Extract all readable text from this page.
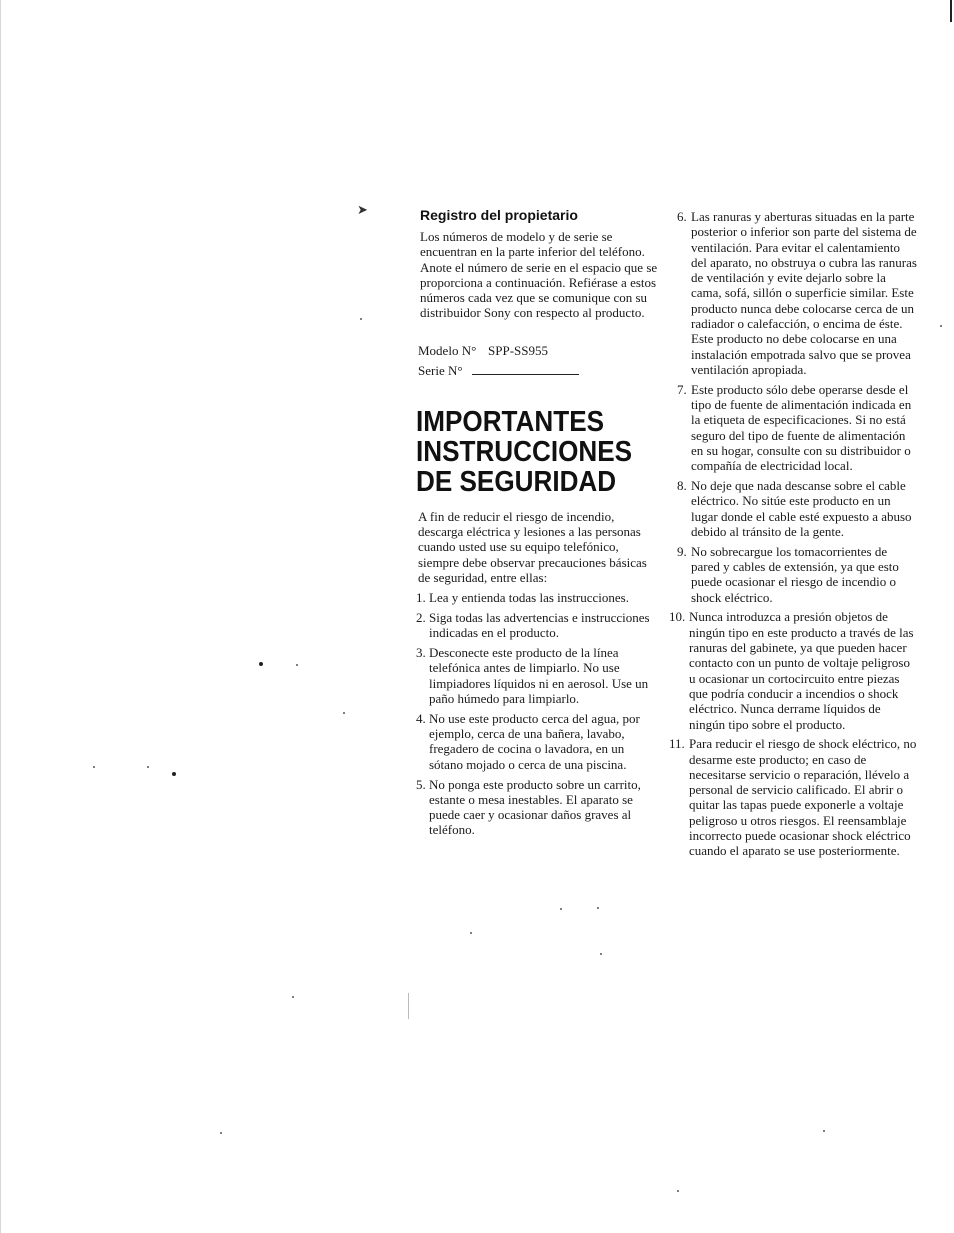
➤	Registro del propietario

Los números de modelo y de serie se encuentran en la parte inferior del teléfono. Anote el número de serie en el espacio que se proporciona a continuación. Refiérase a estos números cada vez que se comunique con su distribuidor Sony con respecto al producto.

Modelo N° SPP-SS955
Serie N°
IMPORTANTES
INSTRUCCIONES
DE SEGURIDAD

A fin de reducir el riesgo de incendio, descarga eléctrica y lesiones a las personas cuando usted use su equipo telefónico, siempre debe observar precauciones básicas de seguridad, entre ellas:

1. Lea y entienda todas las instrucciones.
2. Siga todas las advertencias e instrucciones indicadas en el producto.
3. Desconecte este producto de la línea telefónica antes de limpiarlo. No use limpiadores líquidos ni en aerosol. Use un paño húmedo para limpiarlo.
4. No use este producto cerca del agua, por ejemplo, cerca de una bañera, lavabo, fregadero de cocina o lavadora, en un sótano mojado o cerca de una piscina.
5. No ponga este producto sobre un carrito, estante o mesa inestables. El aparato se puede caer y ocasionar daños graves al teléfono.
6. Las ranuras y aberturas situadas en la parte posterior o inferior son parte del sistema de ventilación. Para evitar el calentamiento del aparato, no obstruya o cubra las ranuras de ventilación y evite dejarlo sobre la cama, sofá, sillón o superficie similar. Este producto nunca debe colocarse cerca de un radiador o calefacción, o encima de éste. Este producto no debe colocarse en una instalación empotrada salvo que se provea ventilación apropiada.
7. Este producto sólo debe operarse desde el tipo de fuente de alimentación indicada en la etiqueta de especificaciones. Si no está seguro del tipo de fuente de alimentación en su hogar, consulte con su distribuidor o compañía de electricidad local.
8. No deje que nada descanse sobre el cable eléctrico. No sitúe este producto en un lugar donde el cable esté expuesto a abuso debido al tránsito de la gente.
9. No sobrecargue los tomacorrientes de pared y cables de extensión, ya que esto puede ocasionar el riesgo de incendio o shock eléctrico.
10. Nunca introduzca a presión objetos de ningún tipo en este producto a través de las ranuras del gabinete, ya que pueden hacer contacto con un punto de voltaje peligroso u ocasionar un cortocircuito entre piezas que podría conducir a incendios o shock eléctrico. Nunca derrame líquidos de ningún tipo sobre el producto.
11. Para reducir el riesgo de shock eléctrico, no desarme este producto; en caso de necesitarse servicio o reparación, llévelo a personal de servicio calificado. El abrir o quitar las tapas puede exponerle a voltaje peligroso u otros riesgos. El reensamblaje incorrecto puede ocasionar shock eléctrico cuando el aparato se use posteriormente.
